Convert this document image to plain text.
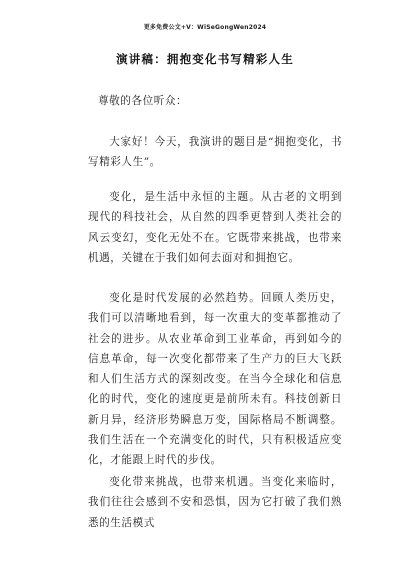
更多免费公文+V：WiSeGongWen2024
演讲稿：拥抱变化书写精彩人生
尊敬的各位听众：
大家好！今天，我演讲的题目是“拥抱变化，书写精彩人生”。
变化，是生活中永恒的主题。从古老的文明到现代的科技社会，从自然的四季更替到人类社会的风云变幻，变化无处不在。它既带来挑战，也带来机遇，关键在于我们如何去面对和拥抱它。
变化是时代发展的必然趋势。回顾人类历史，我们可以清晰地看到，每一次重大的变革都推动了社会的进步。从农业革命到工业革命，再到如今的信息革命，每一次变化都带来了生产力的巨大飞跃和人们生活方式的深刻改变。在当今全球化和信息化的时代，变化的速度更是前所未有。科技创新日新月异，经济形势瞬息万变，国际格局不断调整。我们生活在一个充满变化的时代，只有积极适应变化，才能跟上时代的步伐。
变化带来挑战，也带来机遇。当变化来临时，我们往往会感到不安和恐惧，因为它打破了我们熟悉的生活模式
